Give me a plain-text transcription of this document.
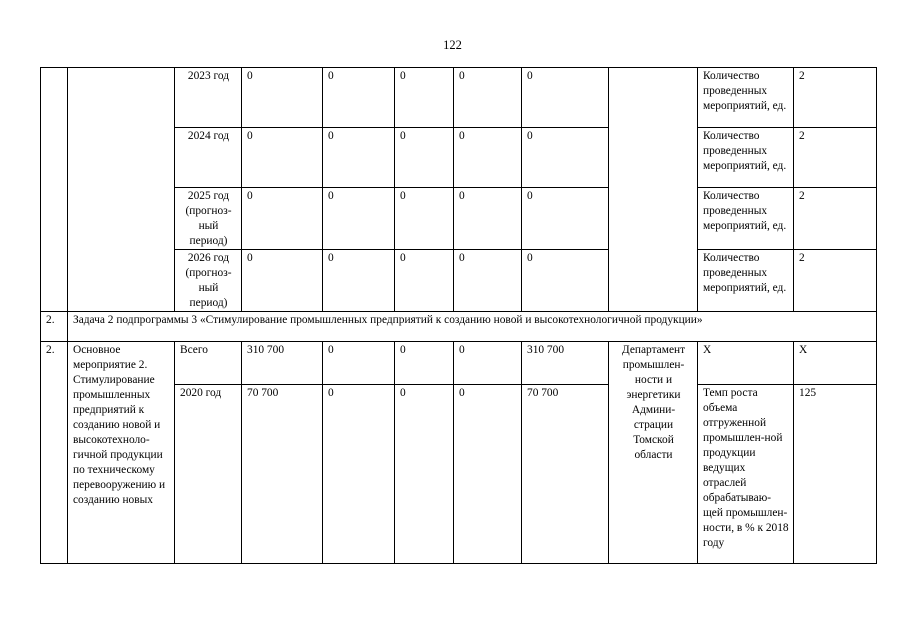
122
		2023 год	0	0	0	0	0		Количество проведенных мероприятий, ед.	2
		2024 год	0	0	0	0	0		Количество проведенных мероприятий, ед.	2
		2025 год (прогноз-ный период)	0	0	0	0	0		Количество проведенных мероприятий, ед.	2
		2026 год (прогноз-ный период)	0	0	0	0	0		Количество проведенных мероприятий, ед.	2
2.	Задача 2 подпрограммы 3 «Стимулирование промышленных предприятий к созданию новой и высокотехнологичной продукции»									
2.	Основное мероприятие 2. Стимулирование промышленных предприятий к созданию новой и высокотехноло-гичной продукции по техническому перевооружению и созданию новых	Всего	310 700	0	0	0	310 700	Департамент промышлен-ности и энергетики Админи-страции Томской области	Х	Х
		2020 год	70 700	0	0	0	70 700		Темп роста объема отгруженной промышлен-ной продукции ведущих отраслей обрабатываю-щей промышлен-ности, в % к 2018 году	125
